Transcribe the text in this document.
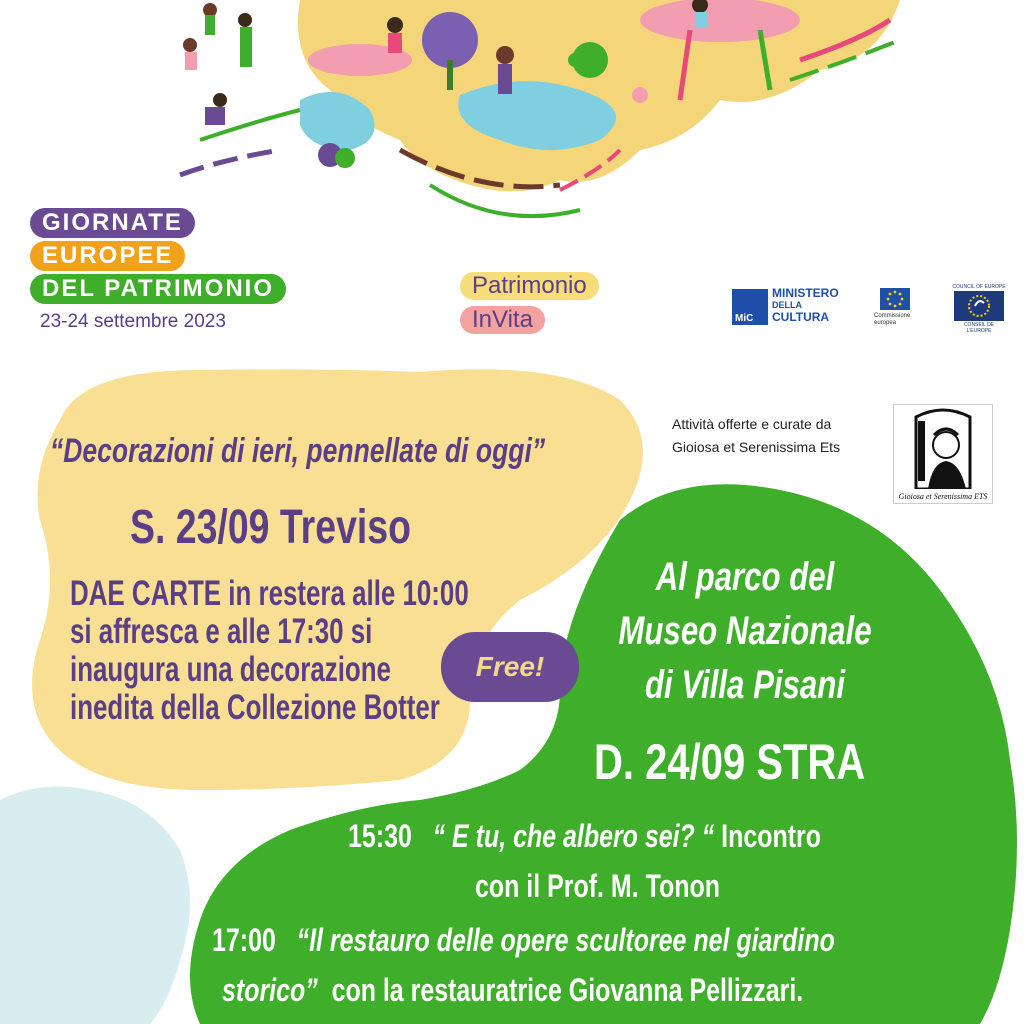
GIORNATE
EUROPEE
DEL PATRIMONIO
23-24 settembre 2023
Patrimonio
InVita	MiC
MINISTERO
DELLA
CULTURA	Commissione europea
COUNCIL OF EUROPE
CONSEIL DE L'EUROPE
“Decorazioni di ieri, pennellate di oggi”
S. 23/09 Treviso
DAE CARTE in restera alle 10:00
si affresca e alle 17:30 si
inaugura una decorazione
inedita della Collezione Botter
Free!
Attività offerte e curate da
Gioiosa et Serenissima Ets
Gioiosa et Serenissima ETS
Al parco del
Museo Nazionale
di Villa Pisani
D. 24/09 STRA
15:30 “ E tu, che albero sei? “ Incontro
con il Prof. M. Tonon
17:00 “Il restauro delle opere scultoree nel giardino
storico” con la restauratrice Giovanna Pellizzari.
